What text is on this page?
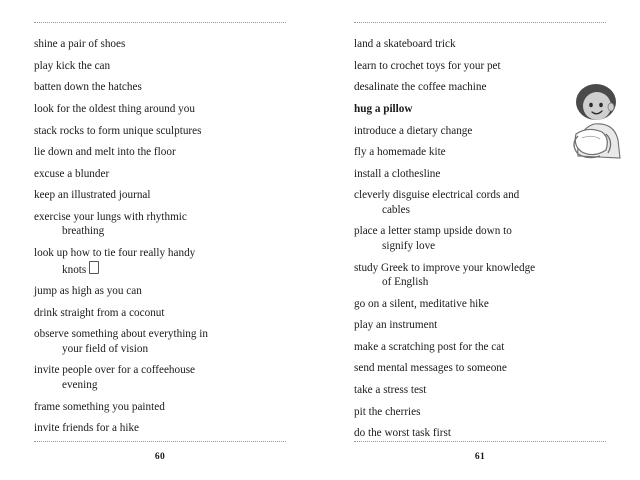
shine a pair of shoes
play kick the can
batten down the hatches
look for the oldest thing around you
stack rocks to form unique sculptures
lie down and melt into the floor
excuse a blunder
keep an illustrated journal
exercise your lungs with rhythmic
breathing
look up how to tie four really handy
knots
jump as high as you can
drink straight from a coconut
observe something about everything in
your field of vision
invite people over for a coffeehouse
evening
frame something you painted
invite friends for a hike
60
land a skateboard trick
learn to crochet toys for your pet
desalinate the coffee machine
hug a pillow
introduce a dietary change
fly a homemade kite
install a clothesline
cleverly disguise electrical cords and
cables
place a letter stamp upside down to
signify love
study Greek to improve your knowledge
of English
go on a silent, meditative hike
play an instrument
make a scratching post for the cat
send mental messages to someone
take a stress test
pit the cherries
do the worst task first
61
